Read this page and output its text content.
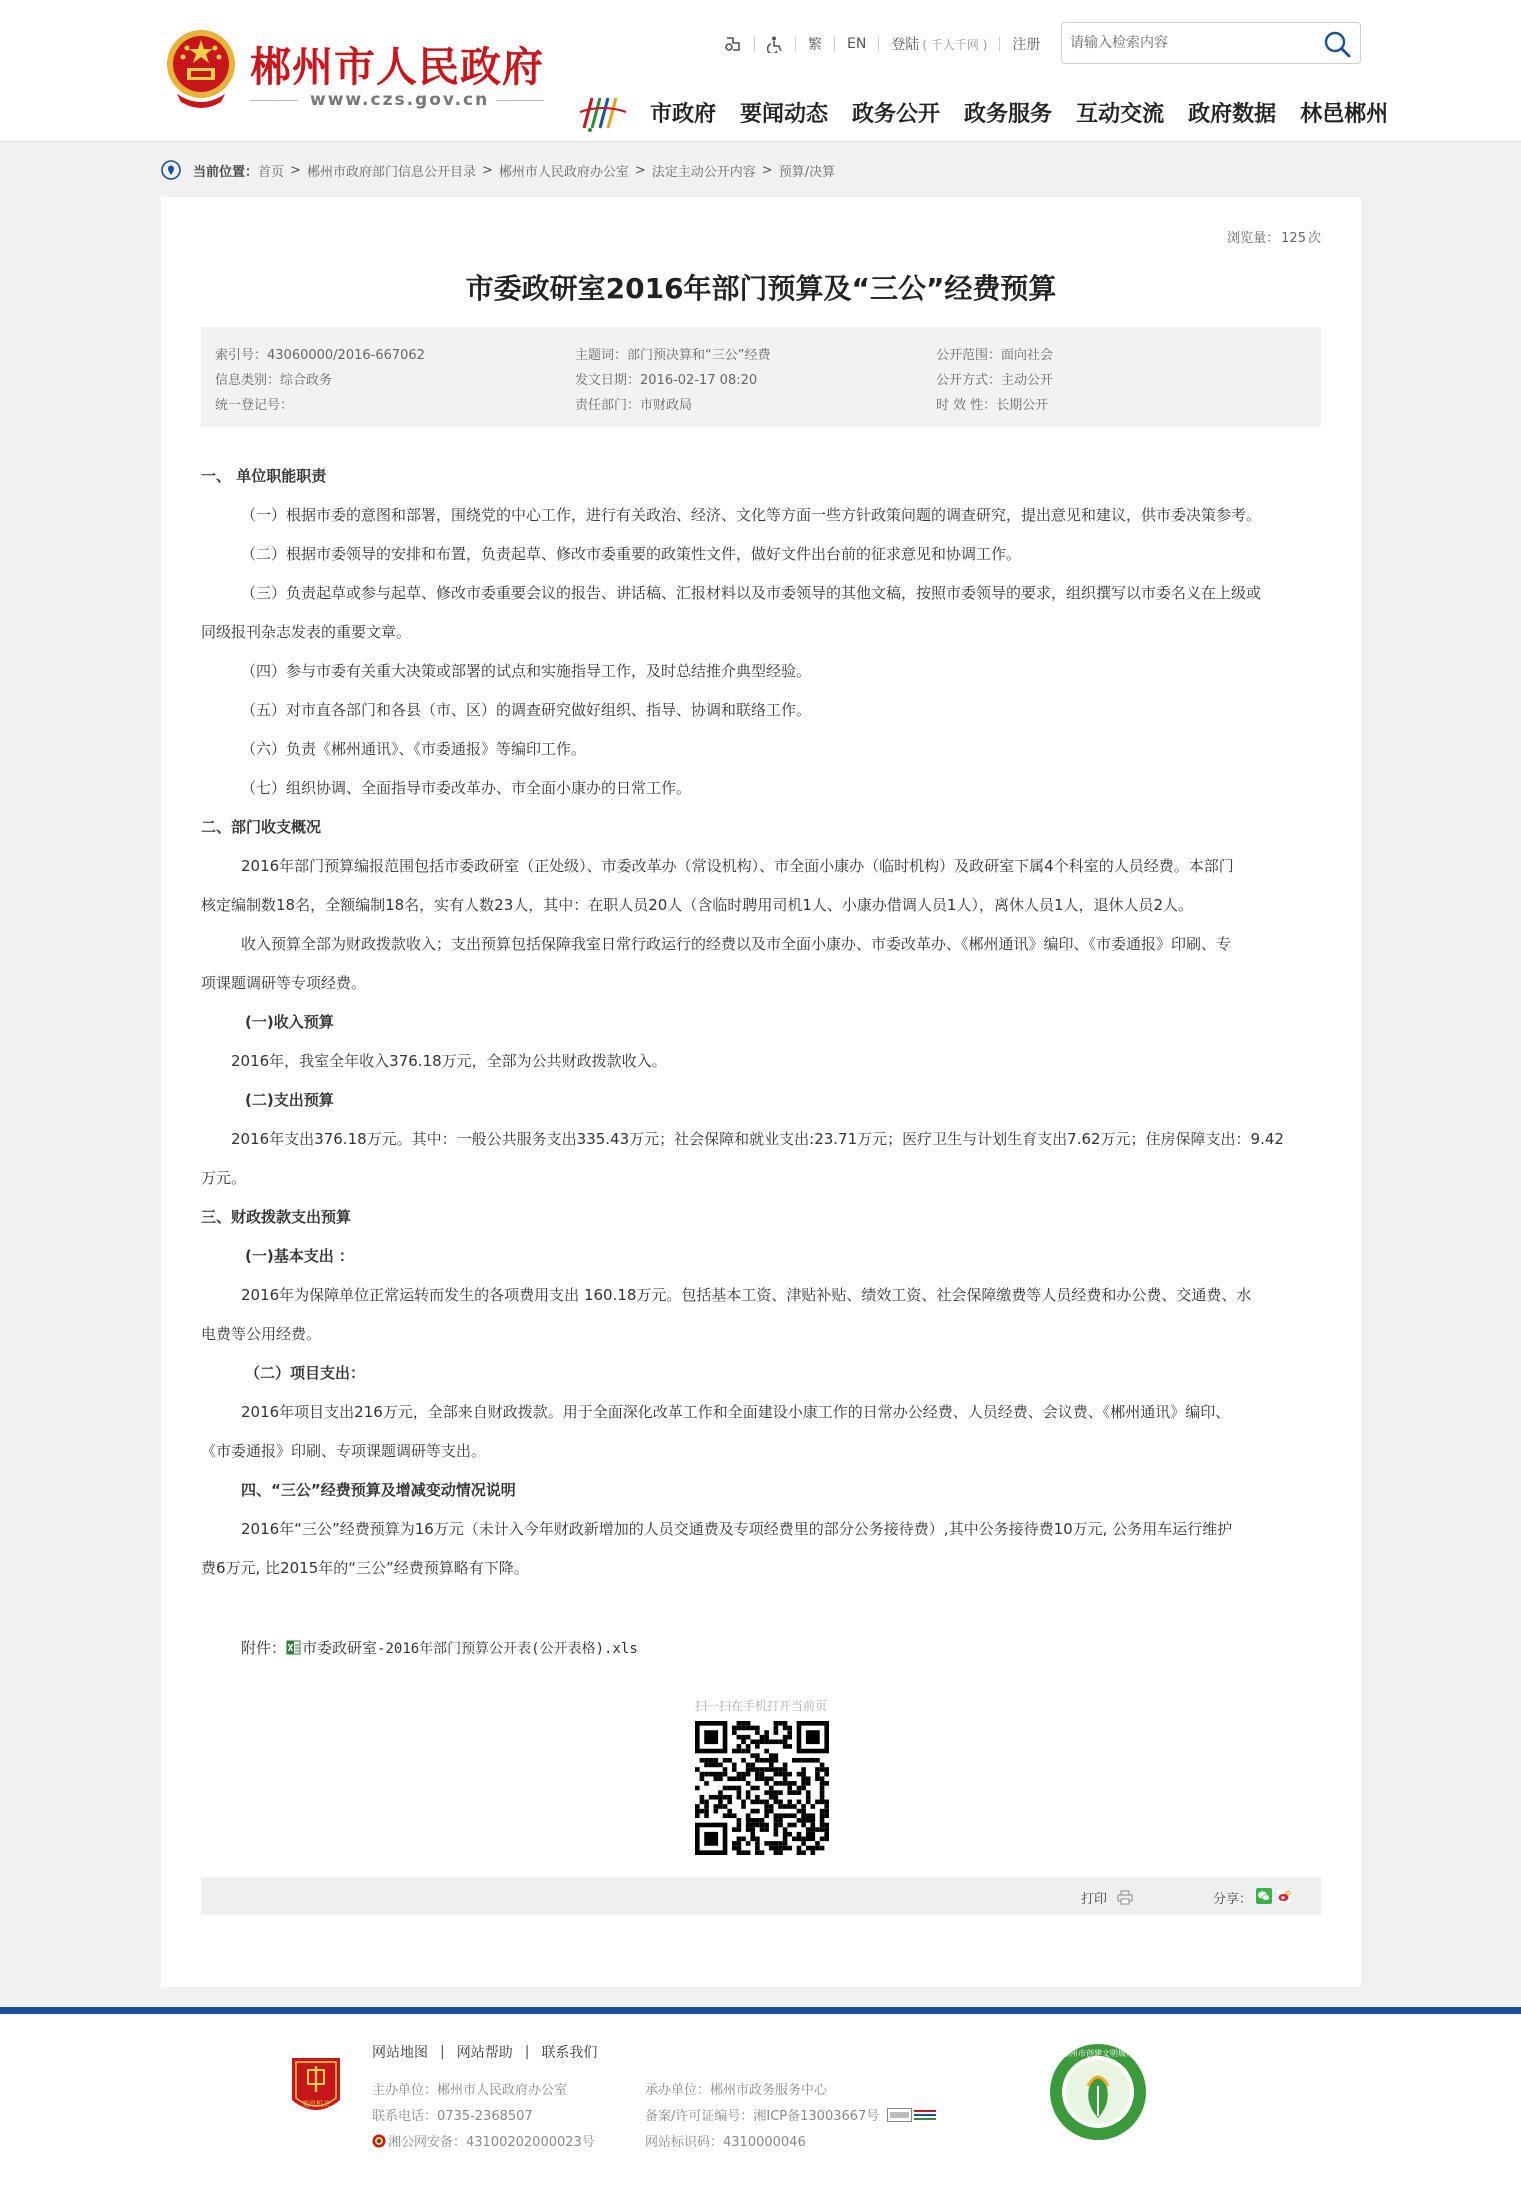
郴州市人民政府
www.czs.gov.cn
繁 EN 登陆 ( 千人千网 ) 注册
请输入检索内容
市政府 要闻动态 政务公开 政务服务 互动交流 政府数据 林邑郴州
当前位置： 首页 > 郴州市政府部门信息公开目录 > 郴州市人民政府办公室 > 法定主动公开内容 > 预算/决算
浏览量： 125 次
市委政研室2016年部门预算及“三公”经费预算
索引号：43060000/2016-667062	主题词：部门预决算和“三公”经费	公开范围：面向社会
信息类别：综合政务	发文日期：2016-02-17 08:20	公开方式：主动公开
统一登记号：	责任部门：市财政局	时 效 性：长期公开

一、 单位职能职责

（一）根据市委的意图和部署，围绕党的中心工作，进行有关政治、经济、文化等方面一些方针政策问题的调查研究，提出意见和建议，供市委决策参考。

（二）根据市委领导的安排和布置，负责起草、修改市委重要的政策性文件，做好文件出台前的征求意见和协调工作。

（三）负责起草或参与起草、修改市委重要会议的报告、讲话稿、汇报材料以及市委领导的其他文稿，按照市委领导的要求，组织撰写以市委名义在上级或

同级报刊杂志发表的重要文章。

（四）参与市委有关重大决策或部署的试点和实施指导工作，及时总结推介典型经验。

（五）对市直各部门和各县（市、区）的调查研究做好组织、指导、协调和联络工作。

（六）负责《郴州通讯》、《市委通报》等编印工作。

（七）组织协调、全面指导市委改革办、市全面小康办的日常工作。

二、部门收支概况

2016年部门预算编报范围包括市委政研室（正处级）、市委改革办（常设机构）、市全面小康办（临时机构）及政研室下属4个科室的人员经费。本部门

核定编制数18名，全额编制18名，实有人数23人，其中：在职人员20人（含临时聘用司机1人、小康办借调人员1人），离休人员1人，退休人员2人。

收入预算全部为财政拨款收入；支出预算包括保障我室日常行政运行的经费以及市全面小康办、市委改革办、《郴州通讯》编印、《市委通报》印刷、专

项课题调研等专项经费。

(一)收入预算

2016年，我室全年收入376.18万元，全部为公共财政拨款收入。

(二)支出预算

2016年支出376.18万元。其中：一般公共服务支出335.43万元；社会保障和就业支出:23.71万元；医疗卫生与计划生育支出7.62万元；住房保障支出：9.42

万元。

三、财政拨款支出预算

(一)基本支出 ：

2016年为保障单位正常运转而发生的各项费用支出 160.18万元。包括基本工资、津贴补贴、绩效工资、社会保障缴费等人员经费和办公费、交通费、水

电费等公用经费。

（二）项目支出：

2016年项目支出216万元，全部来自财政拨款。用于全面深化改革工作和全面建设小康工作的日常办公经费、人员经费、会议费、《郴州通讯》编印、

《市委通报》印刷、专项课题调研等支出。

四、“三公”经费预算及增减变动情况说明

2016年“三公”经费预算为16万元（未计入今年财政新增加的人员交通费及专项经费里的部分公务接待费）,其中公务接待费10万元, 公务用车运行维护

费6万元, 比2015年的“三公”经费预算略有下降。

附件： 市委政研室-2016年部门预算公开表(公开表格).xls
扫一扫在手机打开当前页
打印	分享：
党政机关
网站地图 | 网站帮助 | 联系我们
主办单位：郴州市人民政府办公室
联系电话：0735-2368507
湘公网安备：43100202000023号
承办单位：郴州市政务服务中心
备案/许可证编号：湘ICP备13003667号
网站标识码：4310000046
郴州市创建文明城市
